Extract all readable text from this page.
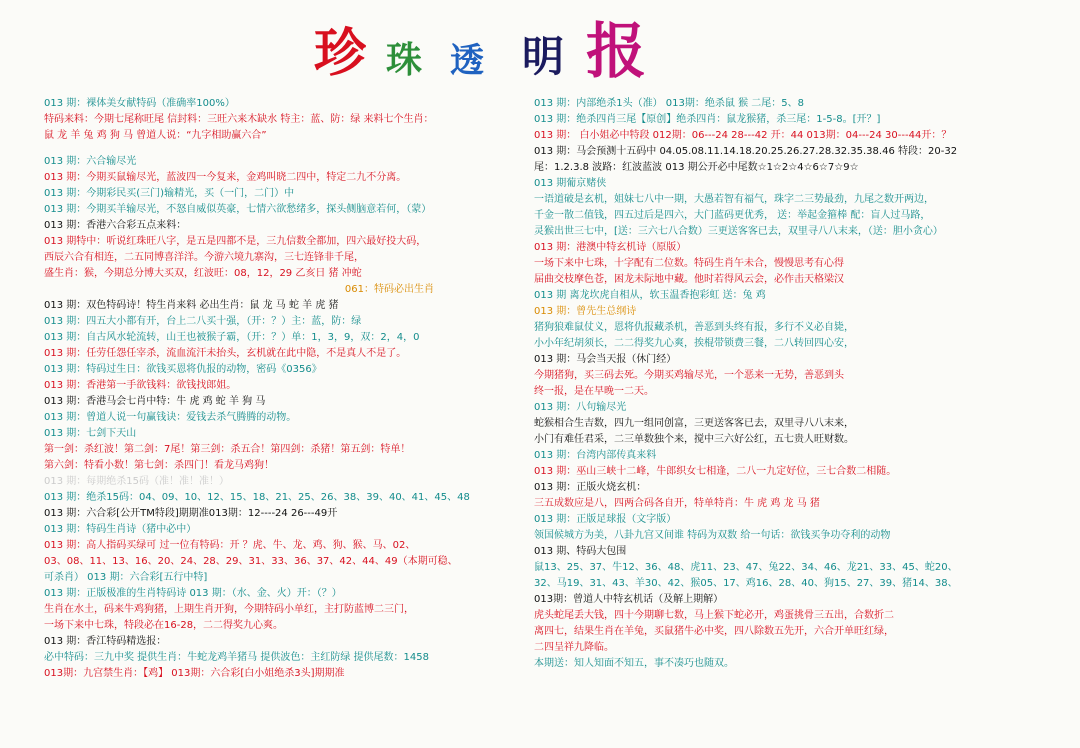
珍 珠 透 明 报
013 期：裸体美女献特码（准确率100%）
特码来料：今期七尾称旺尾 信封料：三旺六来木缺水 特主：蓝、防：绿 来料七个生肖：
鼠 龙 羊 兔 鸡 狗 马 曾道人说：“九字相助赢六合”
013 期：六合输尽光
013 期：今期买鼠输尽光，蓝波四一今复来，金鸡叫晓二四中，特定二九不分离。
013 期：今期彩民买(三门)输精光，买（一门，二门）中
013 期：今期买羊输尽光，不怒自威似英豪，七情六欲愁绪多，探头侧脑意若何，（蒙）
013 期：香港六合彩五点来料：
013 期特中：听说红珠旺八字，是五是四都不是，三九信数全都加，四六最好投大码，
西辰六合有相连，二五同博喜洋洋。今游六境九寨沟，三七连锋非千尾，
盛生肖：猴，今期总分博大买双，红波旺：08，12，29 乙亥日 猪 冲蛇
061：特码必出生肖
013 期：双色特码诗！特生肖来料 必出生肖：鼠 龙 马 蛇 羊 虎 猪
013 期：四五大小都有开，台上二八买十强，（开：？）主：蓝，防：绿
013 期：自古风水轮流转，山王也被猴子霸，（开：？）单：1，3，9，双：2，4，0
013 期：任劳任怨任宰杀，流血流汗未抬头，玄机就在此中隐，不是真人不是了。
013 期：特码过生日：欲钱买恩将仇报的动物，密码《0356》
013 期：香港第一手欲钱料：欲钱找郎姐。
013 期：香港马会七肖中特：牛 虎 鸡 蛇 羊 狗 马
013 期：曾道人说一句赢钱诀：爱钱去杀气腾腾的动物。
013 期：七剑下天山
第一剑：杀红波！第二剑：7尾！第三剑：杀五合！第四剑：杀猪！第五剑：特单！
第六剑：特看小数！第七剑：杀四门！看龙马鸡狗！
013 期：每期绝杀15码（准！准！准！）
013 期：绝杀15码：04、09、10、12、15、18、21、25、26、38、39、40、41、45、48
013 期：六合彩[公开TM特段]期期准013期：12----24 26---49开
013 期：特码生肖诗（猪中必中）
013 期：高人指码买绿可 过一位有特码：开 ？虎、牛、龙、鸡、狗、猴、马、02、
03、08、11、13、16、20、24、28、29、31、33、36、37、42、44、49（本期可稳、
可杀肖） 013 期：六合彩[五行中特]
013 期：正版极准的生肖特码诗 013 期：（水、金、火）开：（？）
生肖在水土，码来牛鸡狗猪，上期生肖开狗，今期特码小单红，主打防蓝博二三门，
一场下来中七珠，特段必在16-28，二二得奖九心爽。
013 期：香江特码精选报：
必中特码：三九中奖 提供生肖：牛蛇龙鸡羊猪马 提供波色：主红防绿 提供尾数：1458
013期：九宫禁生肖：【鸡】 013期：六合彩[白小姐绝杀3头]期期准
013 期：内部绝杀1头（准） 013期：绝杀鼠 猴 二尾：5、8
013 期：绝杀四肖三尾【原创】绝杀四肖：鼠龙猴猪，杀三尾：1-5-8。[开？]
013 期： 白小姐必中特段 012期：06---24 28---42 开：44 013期：04---24 30---44开：？
013 期：马会预测十五码中 04.05.08.11.14.18.20.25.26.27.28.32.35.38.46 特段：20-32
尾：1.2.3.8 波路：红波蓝波 013 期公开必中尾数☆1☆2☆4☆6☆7☆9☆
013 期葡京赌侠
一语道破是玄机，姐妹七八中一期，大愚若智有福气，珠字二三势最劲，九尾之数开两边，
千金一散二值钱，四五过后是四六，大门蓝码更优秀， 送：举起金箍棒 配：盲人过马路，
灵猴出世三七中，[送：三六七八合数）三更送客客已去，双里寻八八末来，（送：胆小贪心）
013 期：港澳中特玄机诗（原版）
一场下来中七珠，十字配有二位数。特码生肖午未合，慢慢思考有心得
届曲交枝摩色苍，困龙未际地中藏。他时若得风云会，必作击天格梁汉
013 期 离龙坎虎自相从，软玉温香抱彩虹 送：兔 鸡
013 期：曾先生总纲诗
猪狗狼难鼠仗义，恩将仇报藏杀机，善恶到头终有报，多行不义必自毙，
小小年纪胡须长，二二得奖九心爽，挨棍带锁费三餐，二八转回四心安，
013 期：马会当天报（休门经）
今期猪狗，买三码去死。今期买鸡输尽光，一个恶来一无势，善恶到头
终一报，是在早晚一二天。
013 期：八句输尽光
蛇猴相合生吉数，四九一组同创富，三更送客客已去，双里寻八八末来，
小门有难任君采，二三单数独个来，搅中三六好公红，五七贵人旺财数。
013 期：台湾内部传真来料
013 期：巫山三峡十二峰，牛郎织女七相逢，二八一九定好位，三七合数二相随。
013 期：正版火烧玄机：
三五成数应是八，四两合码各自开，特单特肖：牛 虎 鸡 龙 马 猪
013 期：正版足球报（文字版）
领国候城方为美，八卦九宫又间谁 特码为双数 给一句话：欲钱买争功夺利的动物
013 期、特码大包围
鼠13、25、37、牛12、36、48、虎11、23、47、兔22、34、46、龙21、33、45、蛇20、
32、马19、31、43、羊30、42、猴05、17、鸡16、28、40、狗15、27、39、猪14、38、
013期：曾道人中特玄机话（及解上期解）
虎头蛇尾丢大钱，四十今期聊七数，马上猴下蛇必开，鸡蛋挑骨三五出，合数折二
离四七，结果生肖在羊兔，买鼠猪牛必中奖，四八除数五先开，六合开单旺红绿，
二四呈祥九降临。
本期送：知人知面不知五，事不凑巧也随双。
